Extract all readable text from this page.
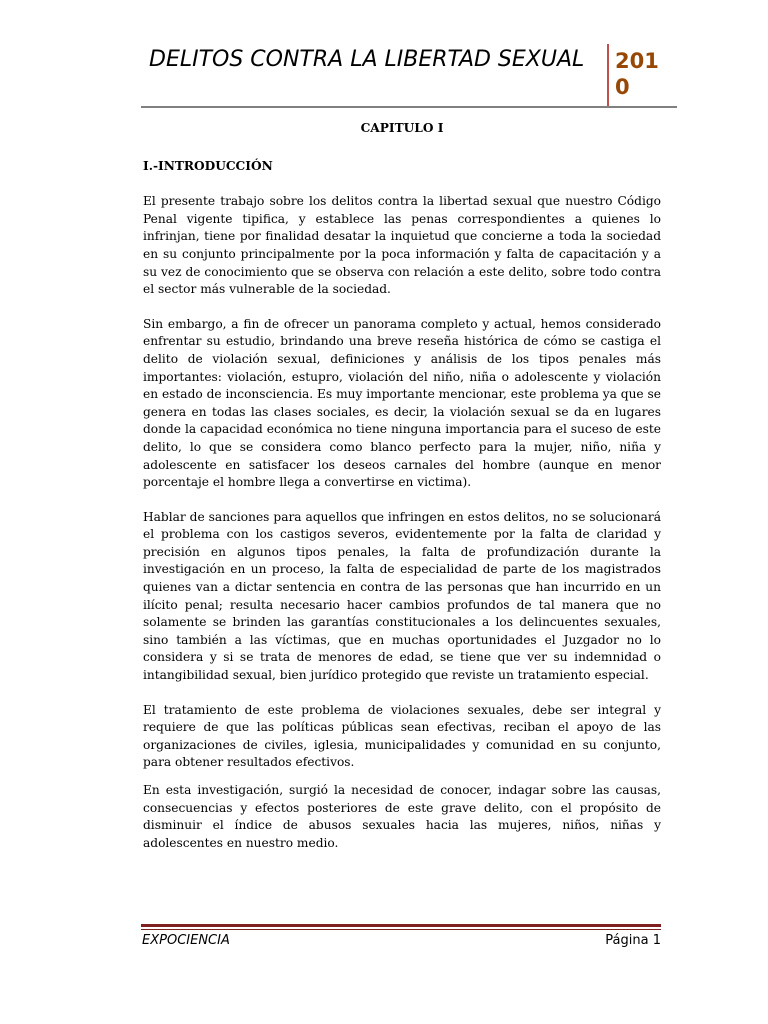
DELITOS CONTRA LA LIBERTAD SEXUAL 2010
CAPITULO I
I.-INTRODUCCIÓN

El presente trabajo sobre los delitos contra la libertad sexual que nuestro Código Penal vigente tipifica, y establece las penas correspondientes a quienes lo infrinjan, tiene por finalidad desatar la inquietud que concierne a toda la sociedad en su conjunto principalmente por la poca información y falta de capacitación y a su vez de conocimiento que se observa con relación a este delito, sobre todo contra el sector más vulnerable de la sociedad.

Sin embargo, a fin de ofrecer un panorama completo y actual, hemos considerado enfrentar su estudio, brindando una breve reseña histórica de cómo se castiga el delito de violación sexual, definiciones y análisis de los tipos penales más importantes: violación, estupro, violación del niño, niña o adolescente y violación en estado de inconsciencia. Es muy importante mencionar, este problema ya que se genera en todas las clases sociales, es decir, la violación sexual se da en lugares donde la capacidad económica no tiene ninguna importancia para el suceso de este delito, lo que se considera como blanco perfecto para la mujer, niño, niña y adolescente en satisfacer los deseos carnales del hombre (aunque en menor porcentaje el hombre llega a convertirse en victima).

Hablar de sanciones para aquellos que infringen en estos delitos, no se solucionará el problema con los castigos severos, evidentemente por la falta de claridad y precisión en algunos tipos penales, la falta de profundización durante la investigación en un proceso, la falta de especialidad de parte de los magistrados quienes van a dictar sentencia en contra de las personas que han incurrido en un ilícito penal; resulta necesario hacer cambios profundos de tal manera que no solamente se brinden las garantías constitucionales a los delincuentes sexuales, sino también a las víctimas, que en muchas oportunidades el Juzgador no lo considera y si se trata de menores de edad, se tiene que ver su indemnidad o intangibilidad sexual, bien jurídico protegido que reviste un tratamiento especial.

El tratamiento de este problema de violaciones sexuales, debe ser integral y requiere de que las políticas públicas sean efectivas, reciban el apoyo de las organizaciones de civiles, iglesia, municipalidades y comunidad en su conjunto, para obtener resultados efectivos.

En esta investigación, surgió la necesidad de conocer, indagar sobre las causas, consecuencias y efectos posteriores de este grave delito, con el propósito de disminuir el índice de abusos sexuales hacia las mujeres, niños, niñas y adolescentes en nuestro medio.

EXPOCIENCIA	Página 1
